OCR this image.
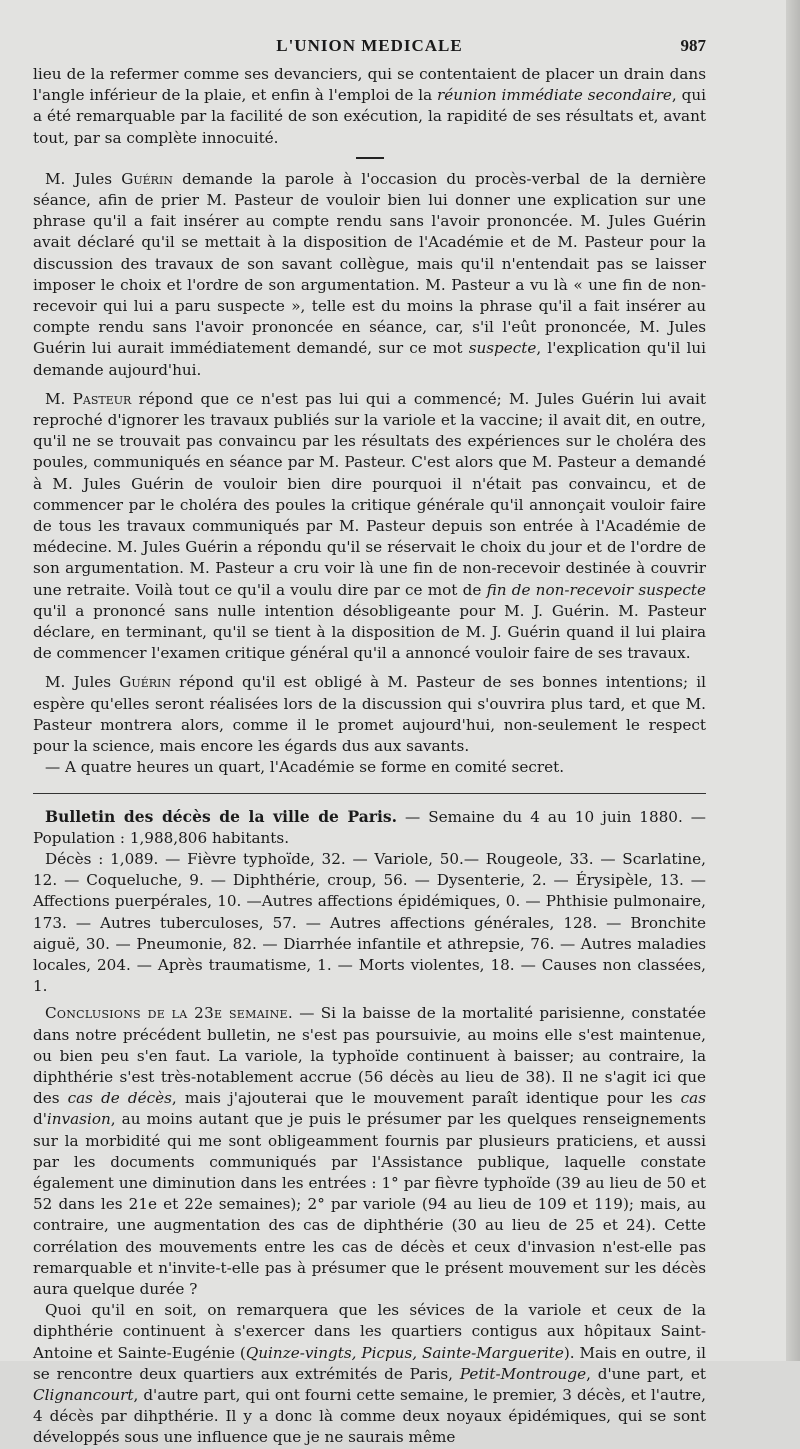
L'UNION MEDICALE	987

lieu de la refermer comme ses devanciers, qui se contentaient de placer un drain dans l'angle inférieur de la plaie, et enfin à l'emploi de la réunion immédiate secondaire, qui a été remarquable par la facilité de son exécution, la rapidité de ses résultats et, avant tout, par sa complète innocuité.

M. Jules Guérin demande la parole à l'occasion du procès-verbal de la dernière séance, afin de prier M. Pasteur de vouloir bien lui donner une explication sur une phrase qu'il a fait insérer au compte rendu sans l'avoir prononcée. M. Jules Guérin avait déclaré qu'il se mettait à la disposition de l'Académie et de M. Pasteur pour la discussion des travaux de son savant collègue, mais qu'il n'entendait pas se laisser imposer le choix et l'ordre de son argumentation. M. Pasteur a vu là « une fin de non-recevoir qui lui a paru suspecte », telle est du moins la phrase qu'il a fait insérer au compte rendu sans l'avoir prononcée en séance, car, s'il l'eût prononcée, M. Jules Guérin lui aurait immédiatement demandé, sur ce mot suspecte, l'explication qu'il lui demande aujourd'hui.

M. Pasteur répond que ce n'est pas lui qui a commencé; M. Jules Guérin lui avait reproché d'ignorer les travaux publiés sur la variole et la vaccine; il avait dit, en outre, qu'il ne se trouvait pas convaincu par les résultats des expériences sur le choléra des poules, communiqués en séance par M. Pasteur. C'est alors que M. Pasteur a demandé à M. Jules Guérin de vouloir bien dire pourquoi il n'était pas convaincu, et de commencer par le choléra des poules la critique générale qu'il annonçait vouloir faire de tous les travaux communiqués par M. Pasteur depuis son entrée à l'Académie de médecine. M. Jules Guérin a répondu qu'il se réservait le choix du jour et de l'ordre de son argumentation. M. Pasteur a cru voir là une fin de non-recevoir destinée à couvrir une retraite. Voilà tout ce qu'il a voulu dire par ce mot de fin de non-recevoir suspecte qu'il a prononcé sans nulle intention désobligeante pour M. J. Guérin. M. Pasteur déclare, en terminant, qu'il se tient à la disposition de M. J. Guérin quand il lui plaira de commencer l'examen critique général qu'il a annoncé vouloir faire de ses travaux.

M. Jules Guérin répond qu'il est obligé à M. Pasteur de ses bonnes intentions; il espère qu'elles seront réalisées lors de la discussion qui s'ouvrira plus tard, et que M. Pasteur montrera alors, comme il le promet aujourd'hui, non-seulement le respect pour la science, mais encore les égards dus aux savants.

— A quatre heures un quart, l'Académie se forme en comité secret.

Bulletin des décès de la ville de Paris. — Semaine du 4 au 10 juin 1880. — Population : 1,988,806 habitants.

Décès : 1,089. — Fièvre typhoïde, 32. — Variole, 50.— Rougeole, 33. — Scarlatine, 12. — Coqueluche, 9. — Diphthérie, croup, 56. — Dysenterie, 2. — Érysipèle, 13. — Affections puerpérales, 10. —Autres affections épidémiques, 0. — Phthisie pulmonaire, 173. — Autres tuberculoses, 57. — Autres affections générales, 128. — Bronchite aiguë, 30. — Pneumonie, 82. — Diarrhée infantile et athrepsie, 76. — Autres maladies locales, 204. — Après traumatisme, 1. — Morts violentes, 18. — Causes non classées, 1.

Conclusions de la 23e semaine. — Si la baisse de la mortalité parisienne, constatée dans notre précédent bulletin, ne s'est pas poursuivie, au moins elle s'est maintenue, ou bien peu s'en faut. La variole, la typhoïde continuent à baisser; au contraire, la diphthérie s'est très-notablement accrue (56 décès au lieu de 38). Il ne s'agit ici que des cas de décès, mais j'ajouterai que le mouvement paraît identique pour les cas d'invasion, au moins autant que je puis le présumer par les quelques renseignements sur la morbidité qui me sont obligeamment fournis par plusieurs praticiens, et aussi par les documents communiqués par l'Assistance publique, laquelle constate également une diminution dans les entrées : 1° par fièvre typhoïde (39 au lieu de 50 et 52 dans les 21e et 22e semaines); 2° par variole (94 au lieu de 109 et 119); mais, au contraire, une augmentation des cas de diphthérie (30 au lieu de 25 et 24). Cette corrélation des mouvements entre les cas de décès et ceux d'invasion n'est-elle pas remarquable et n'invite-t-elle pas à présumer que le présent mouvement sur les décès aura quelque durée ?

Quoi qu'il en soit, on remarquera que les sévices de la variole et ceux de la diphthérie continuent à s'exercer dans les quartiers contigus aux hôpitaux Saint-Antoine et Sainte-Eugénie (Quinze-vingts, Picpus, Sainte-Marguerite). Mais en outre, il se rencontre deux quartiers aux extrémités de Paris, Petit-Montrouge, d'une part, et Clignancourt, d'autre part, qui ont fourni cette semaine, le premier, 3 décès, et l'autre, 4 décès par dihpthérie. Il y a donc là comme deux noyaux épidémiques, qui se sont développés sous une influence que je ne saurais même
